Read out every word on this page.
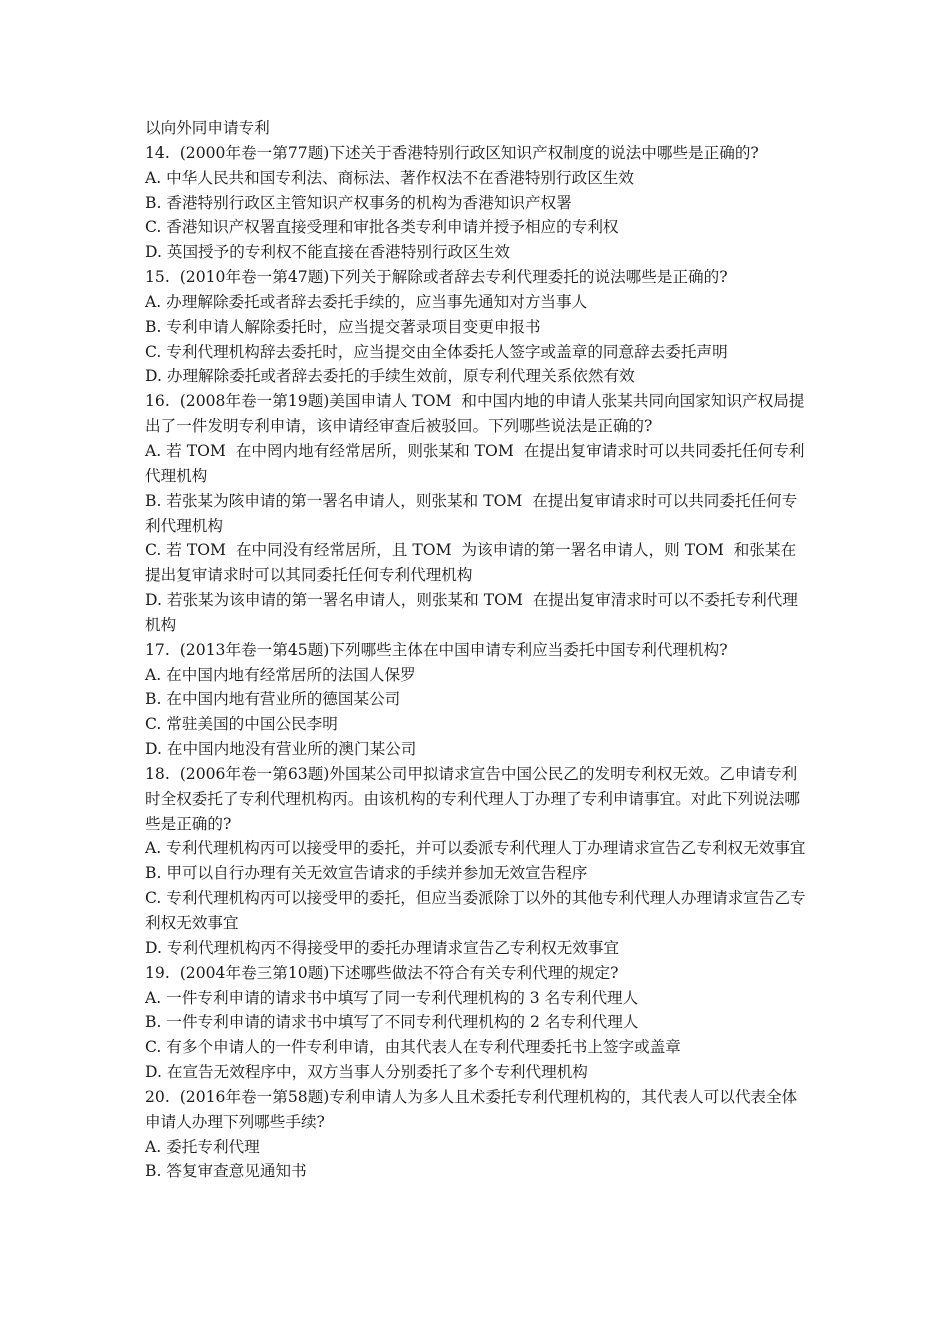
以向外同申请专利
14.  (2000年卷一第77题)下述关于香港特别行政区知识产权制度的说法中哪些是正确的?
A. 中华人民共和国专利法、商标法、著作权法不在香港特别行政区生效
B. 香港特别行政区主管知识产权事务的机构为香港知识产权署
C. 香港知识产权署直接受理和审批各类专利申请并授予相应的专利权
D. 英国授予的专利权不能直接在香港特别行政区生效
15.  (2010年卷一第47题)下列关于解除或者辞去专利代理委托的说法哪些是正确的?
A. 办理解除委托或者辞去委托手续的，应当事先通知对方当事人
B. 专利申请人解除委托时，应当提交著录项目变更申报书
C. 专利代理机构辞去委托时，应当提交由全体委托人签字或盖章的同意辞去委托声明
D. 办理解除委托或者辞去委托的手续生效前，原专利代理关系依然有效
16.  (2008年卷一第19题)美国申请人 TOM  和中国内地的申请人张某共同向国家知识产权局提出了一件发明专利申请，该申请经审查后被驳回。下列哪些说法是正确的?
A. 若 TOM  在中罔内地有经常居所，则张某和 TOM  在提出复审请求时可以共同委托任何专利代理机构
B. 若张某为陔申请的第一署名申请人，则张某和 TOM  在提出复审请求时可以共同委托任何专利代理机构
C. 若 TOM  在中同没有经常居所，且 TOM  为该申请的第一署名申请人，则 TOM  和张某在提出复审请求时可以其同委托任何专利代理机构
D. 若张某为该申请的第一署名申请人，则张某和 TOM  在提出复审清求时可以不委托专利代理机构
17.  (2013年卷一第45题)下列哪些主体在中国申请专利应当委托中国专利代理机构?
A. 在中国内地有经常居所的法国人保罗
B. 在中国内地有营业所的德国某公司
C. 常驻美国的中国公民李明
D. 在中国内地没有营业所的澳门某公司
18.  (2006年卷一第63题)外国某公司甲拟请求宣告中国公民乙的发明专利权无效。乙申请专利时全权委托了专利代理机构丙。由该机构的专利代理人丁办理了专利申请事宜。对此下列说法哪些是正确的?
A. 专利代理机构丙可以接受甲的委托，并可以委派专利代理人丁办理请求宣告乙专利权无效事宜
B. 甲可以自行办理有关无效宣告请求的手续并参加无效宣告程序
C. 专利代理机构丙可以接受甲的委托，但应当委派除丁以外的其他专利代理人办理请求宣告乙专利权无效事宜
D. 专利代理机构丙不得接受甲的委托办理请求宣告乙专利权无效事宜
19.  (2004年卷三第10题)下述哪些做法不符合有关专利代理的规定?
A. 一件专利申请的请求书中填写了同一专利代理机构的 3 名专利代理人
B. 一件专利申请的请求书中填写了不同专利代理机构的 2 名专利代理人
C. 有多个申请人的一件专利申请，由其代表人在专利代理委托书上签字或盖章
D. 在宣告无效程序中，双方当事人分别委托了多个专利代理机构
20.  (2016年卷一第58题)专利申请人为多人且术委托专利代理机构的，其代表人可以代表全体申请人办理下列哪些手续?
A. 委托专利代理
B. 答复审查意见通知书
